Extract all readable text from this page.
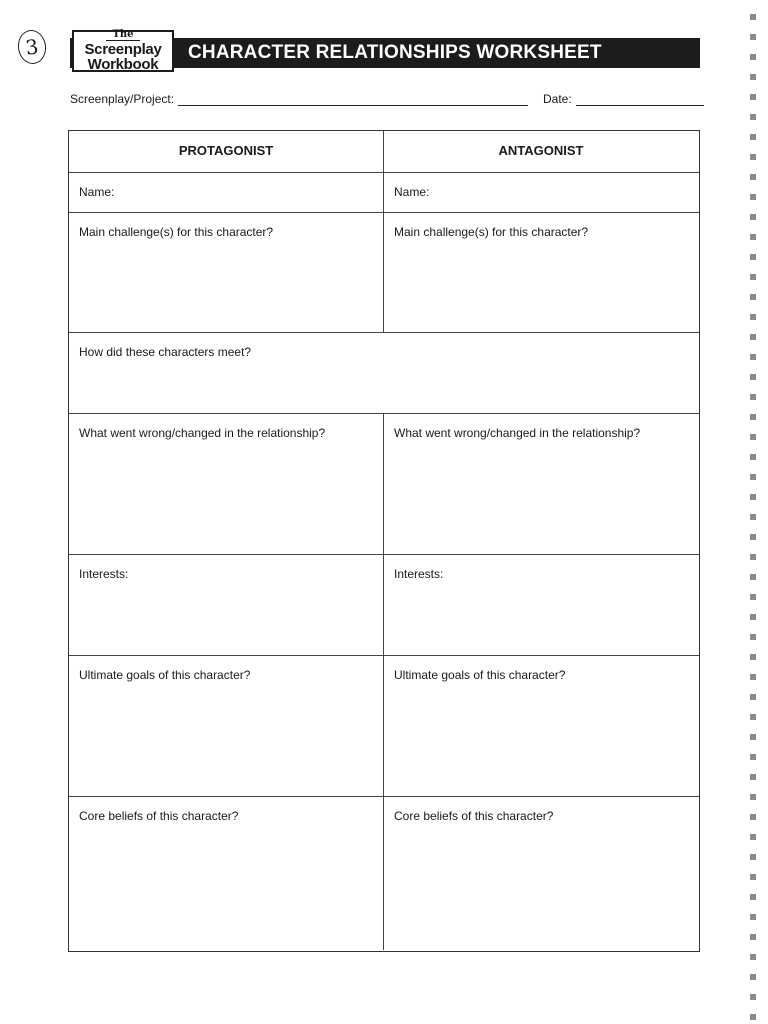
3	The
Screenplay
Workbook
CHARACTER RELATIONSHIPS WORKSHEET
Screenplay/Project:	Date:
PROTAGONIST	ANTAGONIST
Name:	Name:
Main challenge(s) for this character?	Main challenge(s) for this character?
How did these characters meet?
What went wrong/changed in the relationship?	What went wrong/changed in the relationship?
Interests:	Interests:
Ultimate goals of this character?	Ultimate goals of this character?
Core beliefs of this character?	Core beliefs of this character?
